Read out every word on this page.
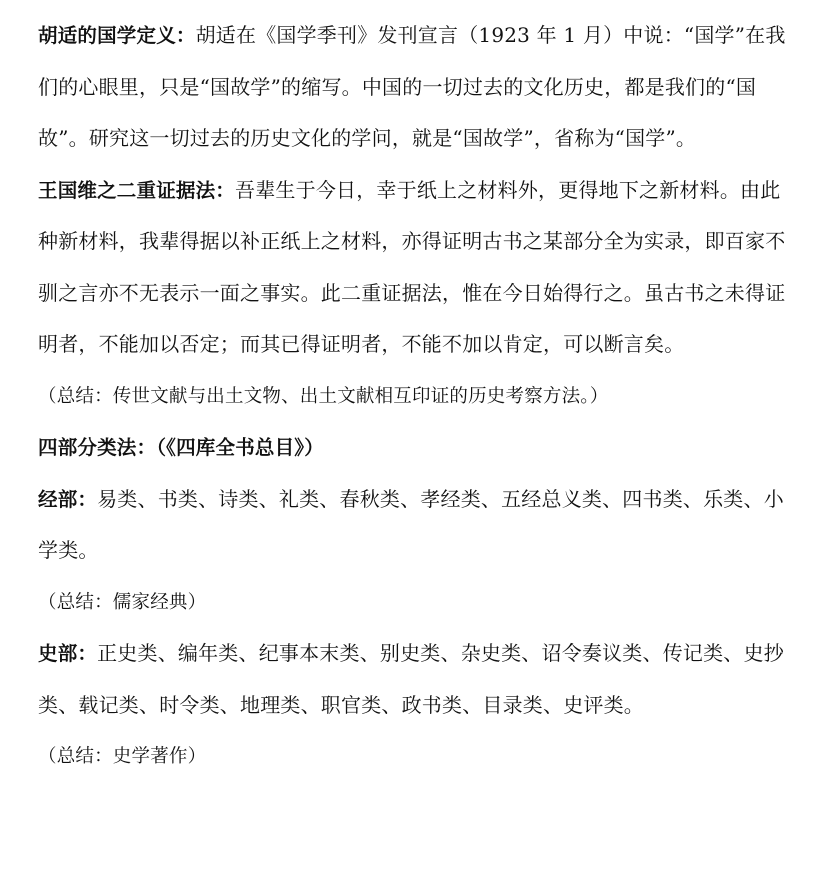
胡适的国学定义：胡适在《国学季刊》发刊宣言（1923 年 1 月）中说：“国学”在我们的心眼里，只是“国故学”的缩写。中国的一切过去的文化历史，都是我们的“国故”。研究这一切过去的历史文化的学问，就是“国故学”，省称为“国学”。

王国维之二重证据法：吾辈生于今日，幸于纸上之材料外，更得地下之新材料。由此种新材料，我辈得据以补正纸上之材料，亦得证明古书之某部分全为实录，即百家不驯之言亦不无表示一面之事实。此二重证据法，惟在今日始得行之。虽古书之未得证明者，不能加以否定；而其已得证明者，不能不加以肯定，可以断言矣。

（总结：传世文献与出土文物、出土文献相互印证的历史考察方法。）

四部分类法：（《四库全书总目》）

经部：易类、书类、诗类、礼类、春秋类、孝经类、五经总义类、四书类、乐类、小学类。

（总结：儒家经典）

史部：正史类、编年类、纪事本末类、别史类、杂史类、诏令奏议类、传记类、史抄类、载记类、时令类、地理类、职官类、政书类、目录类、史评类。

（总结：史学著作）
